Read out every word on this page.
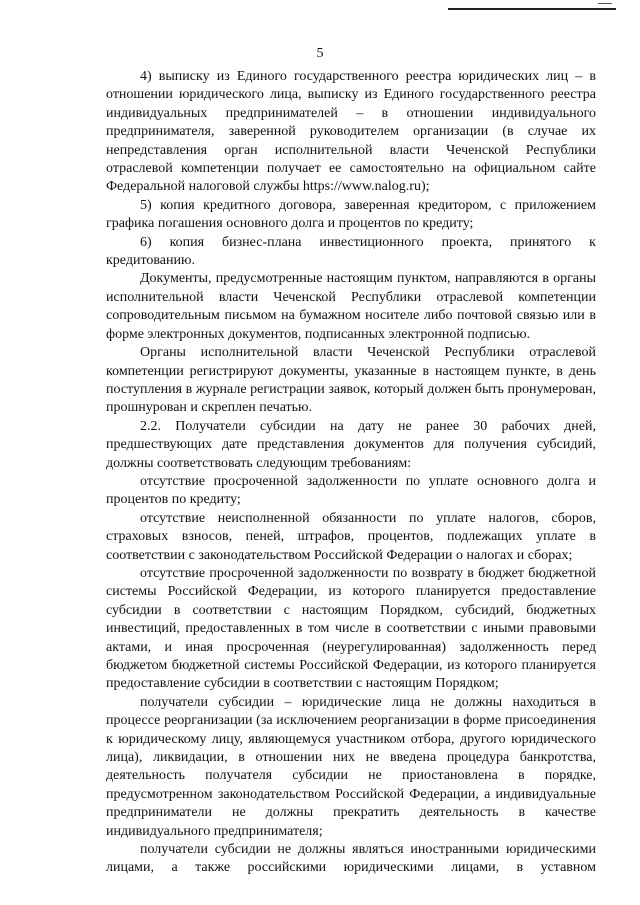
5

4) выписку из Единого государственного реестра юридических лиц – в отношении юридического лица, выписку из Единого государственного реестра индивидуальных предпринимателей – в отношении индивидуального предпринимателя, заверенной руководителем организации (в случае их непредставления орган исполнительной власти Чеченской Республики отраслевой компетенции получает ее самостоятельно на официальном сайте Федеральной налоговой службы https://www.nalog.ru);

5) копия кредитного договора, заверенная кредитором, с приложением графика погашения основного долга и процентов по кредиту;

6) копия бизнес-плана инвестиционного проекта, принятого к кредитованию.

Документы, предусмотренные настоящим пунктом, направляются в органы исполнительной власти Чеченской Республики отраслевой компетенции сопроводительным письмом на бумажном носителе либо почтовой связью или в форме электронных документов, подписанных электронной подписью.

Органы исполнительной власти Чеченской Республики отраслевой компетенции регистрируют документы, указанные в настоящем пункте, в день поступления в журнале регистрации заявок, который должен быть пронумерован, прошнурован и скреплен печатью.

2.2. Получатели субсидии на дату не ранее 30 рабочих дней, предшествующих дате представления документов для получения субсидий, должны соответствовать следующим требованиям:

отсутствие просроченной задолженности по уплате основного долга и процентов по кредиту;

отсутствие неисполненной обязанности по уплате налогов, сборов, страховых взносов, пеней, штрафов, процентов, подлежащих уплате в соответствии с законодательством Российской Федерации о налогах и сборах;

отсутствие просроченной задолженности по возврату в бюджет бюджетной системы Российской Федерации, из которого планируется предоставление субсидии в соответствии с настоящим Порядком, субсидий, бюджетных инвестиций, предоставленных в том числе в соответствии с иными правовыми актами, и иная просроченная (неурегулированная) задолженность перед бюджетом бюджетной системы Российской Федерации, из которого планируется предоставление субсидии в соответствии с настоящим Порядком;

получатели субсидии – юридические лица не должны находиться в процессе реорганизации (за исключением реорганизации в форме присоединения к юридическому лицу, являющемуся участником отбора, другого юридического лица), ликвидации, в отношении них не введена процедура банкротства, деятельность получателя субсидии не приостановлена в порядке, предусмотренном законодательством Российской Федерации, а индивидуальные предприниматели не должны прекратить деятельность в качестве индивидуального предпринимателя;

получатели субсидии не должны являться иностранными юридическими лицами, а также российскими юридическими лицами, в уставном
